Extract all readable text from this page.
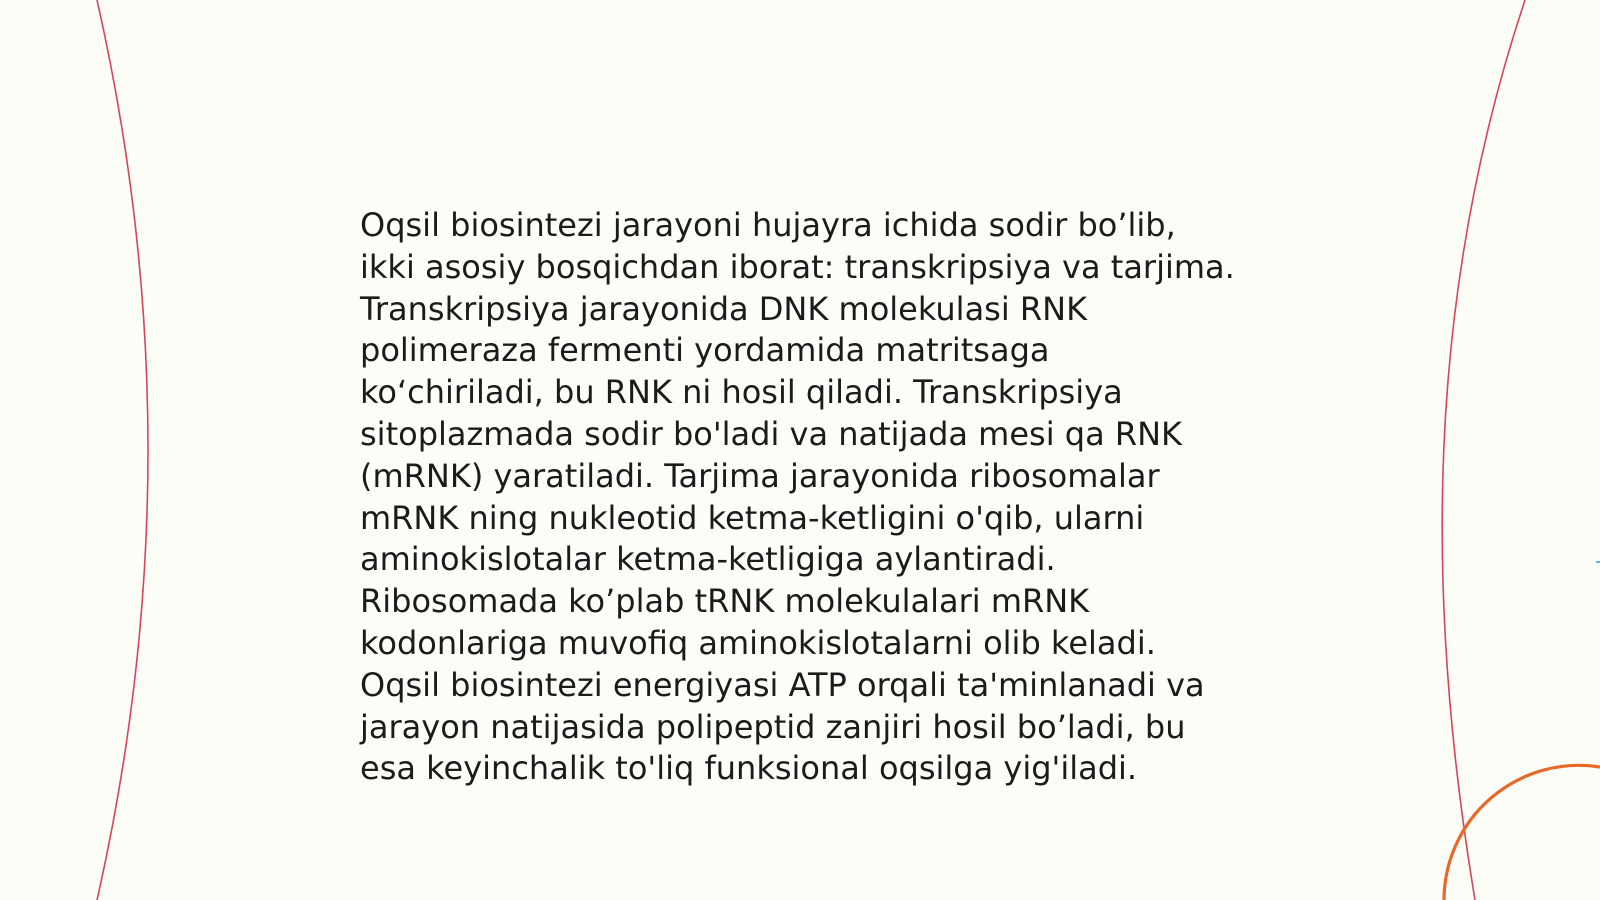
Oqsil biosintezi jarayoni hujayra ichida sodir bo’lib,
ikki asosiy bosqichdan iborat: transkripsiya va tarjima.
Transkripsiya jarayonida DNK molekulasi RNK
polimeraza fermenti yordamida matritsaga
ko‘chiriladi, bu RNK ni hosil qiladi. Transkripsiya
sitoplazmada sodir bo'ladi va natijada mesi qa RNK
(mRNK) yaratiladi. Tarjima jarayonida ribosomalar
mRNK ning nukleotid ketma-ketligini o'qib, ularni
aminokislotalar ketma-ketligiga aylantiradi.
Ribosomada ko’plab tRNK molekulalari mRNK
kodonlariga muvofiq aminokislotalarni olib keladi.
Oqsil biosintezi energiyasi ATP orqali ta'minlanadi va
jarayon natijasida polipeptid zanjiri hosil bo’ladi, bu
esa keyinchalik to'liq funksional oqsilga yig'iladi.
